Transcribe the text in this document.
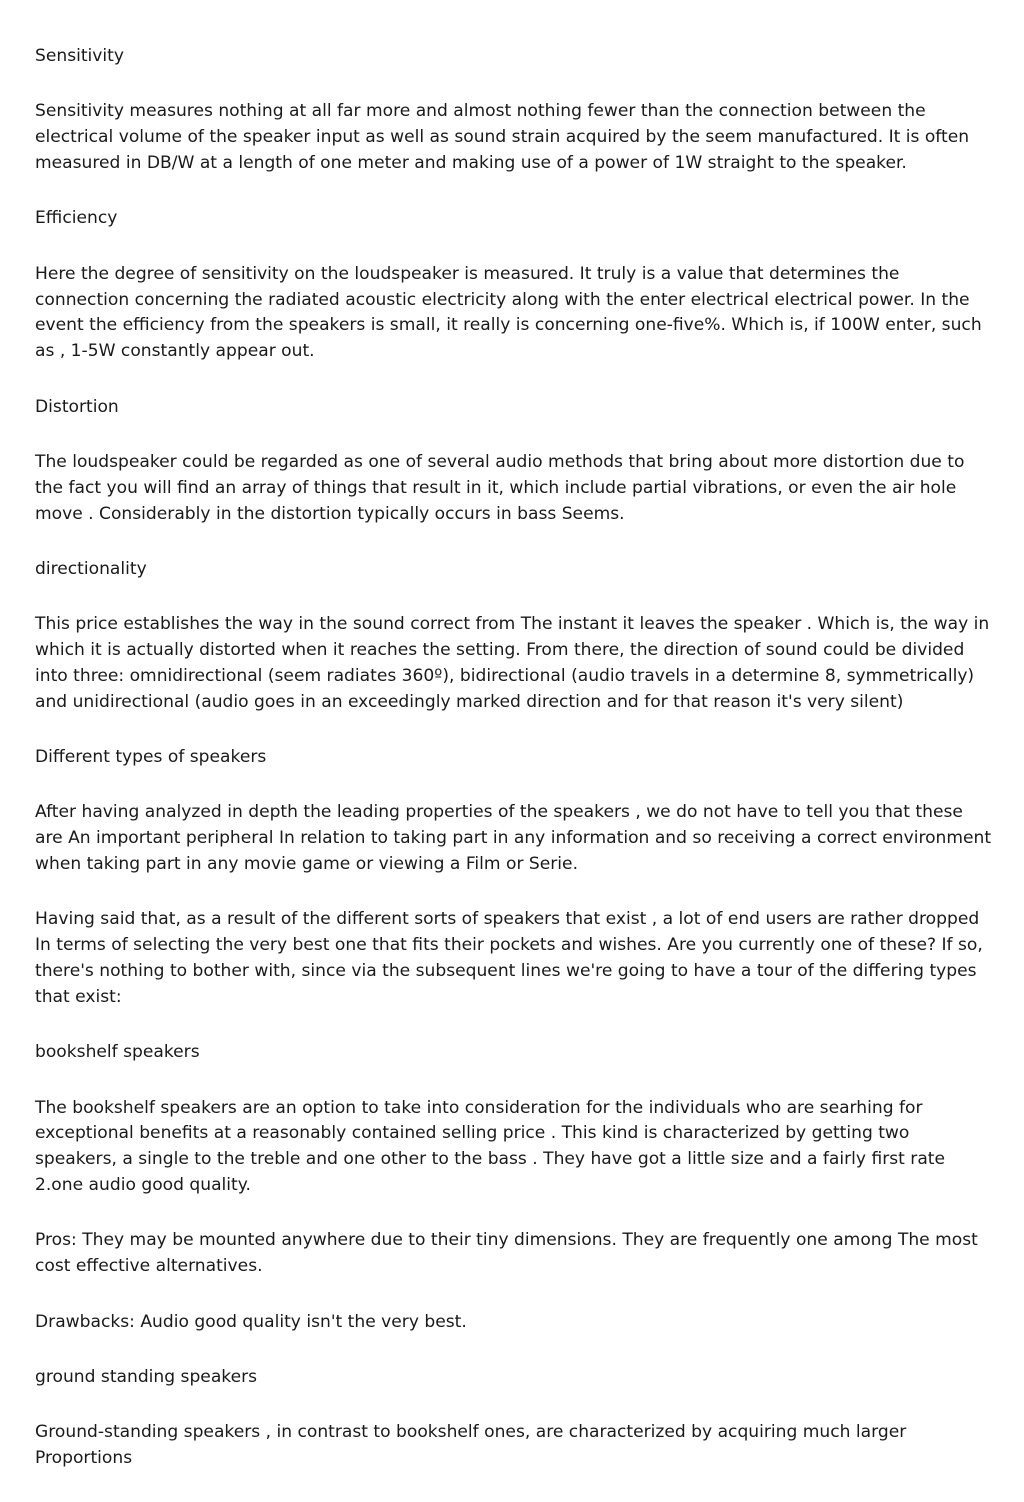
Sensitivity

Sensitivity measures nothing at all far more and almost nothing fewer than the connection between the electrical volume of the speaker input as well as sound strain acquired by the seem manufactured. It is often measured in DB/W at a length of one meter and making use of a power of 1W straight to the speaker.

Efficiency

Here the degree of sensitivity on the loudspeaker is measured. It truly is a value that determines the connection concerning the radiated acoustic electricity along with the enter electrical electrical power. In the event the efficiency from the speakers is small, it really is concerning one-five%. Which is, if 100W enter, such as , 1-5W constantly appear out.

Distortion

The loudspeaker could be regarded as one of several audio methods that bring about more distortion due to the fact you will find an array of things that result in it, which include partial vibrations, or even the air hole move . Considerably in the distortion typically occurs in bass Seems.

directionality

This price establishes the way in the sound correct from The instant it leaves the speaker . Which is, the way in which it is actually distorted when it reaches the setting. From there, the direction of sound could be divided into three: omnidirectional (seem radiates 360º), bidirectional (audio travels in a determine 8, symmetrically) and unidirectional (audio goes in an exceedingly marked direction and for that reason it's very silent)

Different types of speakers

After having analyzed in depth the leading properties of the speakers , we do not have to tell you that these are An important peripheral In relation to taking part in any information and so receiving a correct environment when taking part in any movie game or viewing a Film or Serie.

Having said that, as a result of the different sorts of speakers that exist , a lot of end users are rather dropped In terms of selecting the very best one that fits their pockets and wishes. Are you currently one of these? If so, there's nothing to bother with, since via the subsequent lines we're going to have a tour of the differing types that exist:

bookshelf speakers

The bookshelf speakers are an option to take into consideration for the individuals who are searhing for exceptional benefits at a reasonably contained selling price . This kind is characterized by getting two speakers, a single to the treble and one other to the bass . They have got a little size and a fairly first rate 2.one audio good quality.

Pros: They may be mounted anywhere due to their tiny dimensions. They are frequently one among The most cost effective alternatives.

Drawbacks: Audio good quality isn't the very best.

ground standing speakers

Ground-standing speakers , in contrast to bookshelf ones, are characterized by acquiring much larger Proportions
